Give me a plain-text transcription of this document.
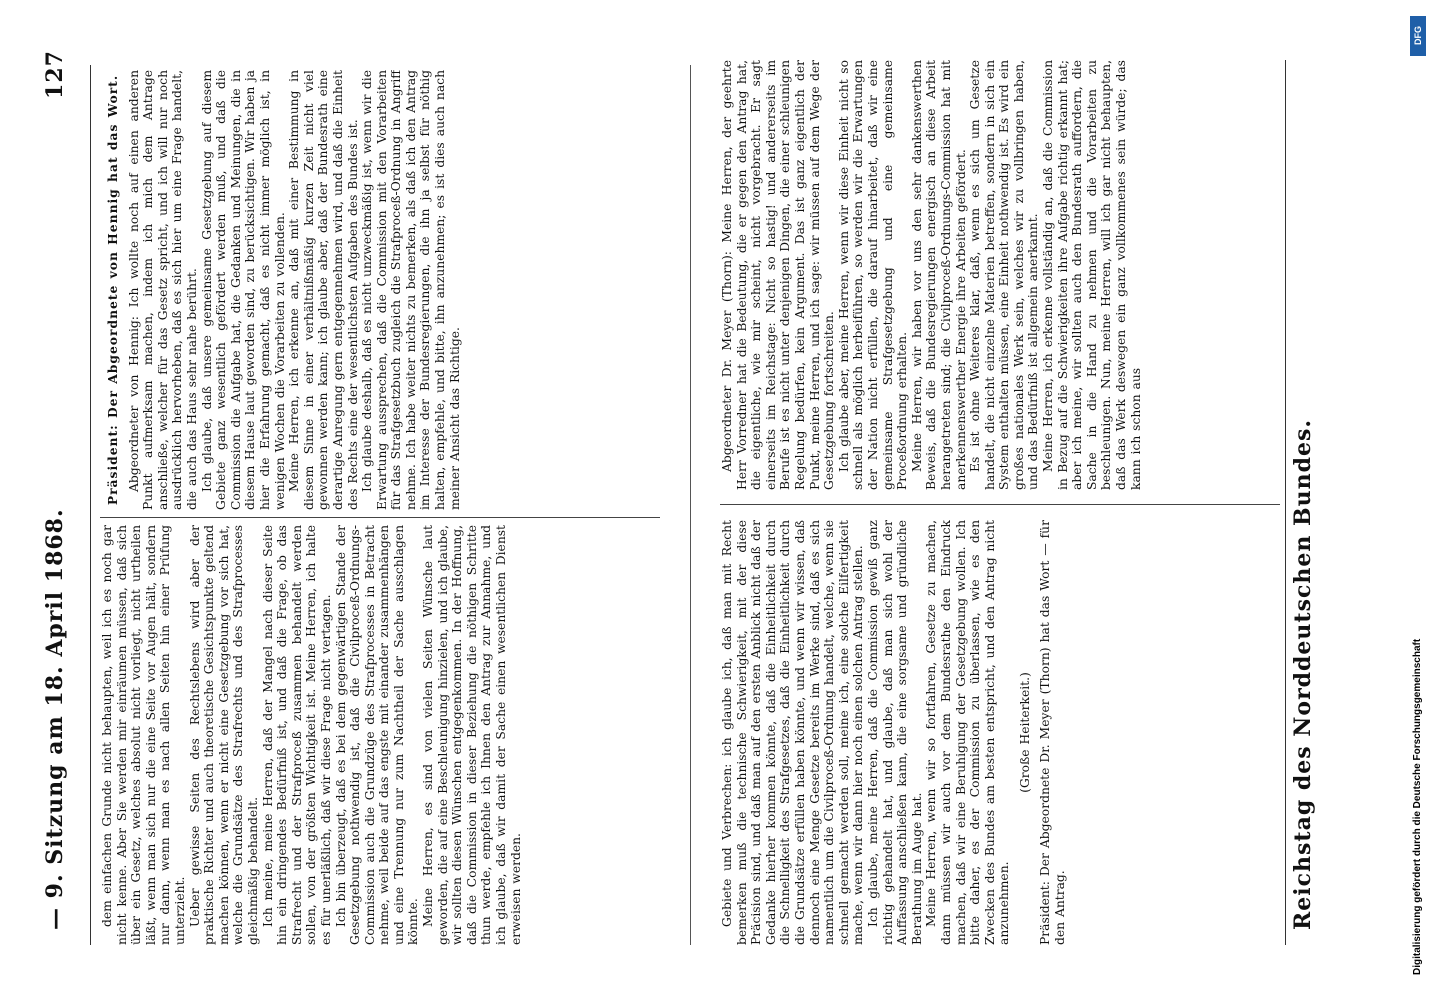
— 9. Sitzung am 18. April 1868.
127

dem einfachen Grunde nicht behaupten, weil ich es noch gar nicht kenne. Aber Sie werden mir einräumen müssen, daß sich über ein Gesetz, welches absolut nicht vorliegt, nicht urtheilen läßt, wenn man sich nur die eine Seite vor Augen hält, sondern nur dann, wenn man es nach allen Seiten hin einer Prüfung unterzieht. Ueber gewisse Seiten des Rechtslebens wird aber der praktische Richter und auch theoretische Gesichtspunkte geltend machen können, wenn er nicht eine Gesetzgebung vor sich hat, welche die Grundsätze des Strafrechts und des Strafprocesses gleichmäßig behandelt. Ich meine, meine Herren, daß der Mangel nach dieser Seite hin ein dringendes Bedürfniß ist, und daß die Frage, ob das Strafrecht und der Strafproceß zusammen behandelt werden sollen, von der größten Wichtigkeit ist. Meine Herren, ich halte es für unerläßlich, daß wir diese Frage nicht vertagen. Ich bin überzeugt, daß es bei dem gegenwärtigen Stande der Gesetzgebung nothwendig ist, daß die Civilproceß-Ordnungs-Commission auch die Grundzüge des Strafprocesses in Betracht nehme, weil beide auf das engste mit einander zusammenhängen und eine Trennung nur zum Nachtheil der Sache ausschlagen könnte. Meine Herren, es sind von vielen Seiten Wünsche laut geworden, die auf eine Beschleunigung hinzielen, und ich glaube, wir sollten diesen Wünschen entgegenkommen. In der Hoffnung, daß die Commission in dieser Beziehung die nöthigen Schritte thun werde, empfehle ich Ihnen den Antrag zur Annahme, und ich glaube, daß wir damit der Sache einen wesentlichen Dienst erweisen werden.

Präsident: Der Abgeordnete von Hennig hat das Wort. Abgeordneter von Hennig: Ich wollte noch auf einen anderen Punkt aufmerksam machen, indem ich mich dem Antrage anschließe, welcher für das Gesetz spricht, und ich will nur noch ausdrücklich hervorheben, daß es sich hier um eine Frage handelt, die auch das Haus sehr nahe berührt. Ich glaube, daß unsere gemeinsame Gesetzgebung auf diesem Gebiete ganz wesentlich gefördert werden muß, und daß die Commission die Aufgabe hat, die Gedanken und Meinungen, die in diesem Hause laut geworden sind, zu berücksichtigen. Wir haben ja hier die Erfahrung gemacht, daß es nicht immer möglich ist, in wenigen Wochen die Vorarbeiten zu vollenden. Meine Herren, ich erkenne an, daß mit einer Bestimmung in diesem Sinne in einer verhältnißmäßig kurzen Zeit nicht viel gewonnen werden kann; ich glaube aber, daß der Bundesrath eine derartige Anregung gern entgegennehmen wird, und daß die Einheit des Rechts eine der wesentlichsten Aufgaben des Bundes ist. Ich glaube deshalb, daß es nicht unzweckmäßig ist, wenn wir die Erwartung aussprechen, daß die Commission mit den Vorarbeiten für das Strafgesetzbuch zugleich die Strafproceß-Ordnung in Angriff nehme. Ich habe weiter nichts zu bemerken, als daß ich den Antrag im Interesse der Bundesregierungen, die ihn ja selbst für nöthig halten, empfehle, und bitte, ihn anzunehmen; es ist dies auch nach meiner Ansicht das Richtige.

Gebiete und Verbrechen: ich glaube ich, daß man mit Recht bemerken muß die technische Schwierigkeit, mit der diese Präcision sind, und daß man auf den ersten Anblick nicht daß der Gedanke hierher kommen könnte, daß die Einheitlichkeit durch die Schnelligkeit des Strafgesetzes, daß die Einheitlichkeit durch die Grundsätze erfüllen haben könnte, und wenn wir wissen, daß dennoch eine Menge Gesetze bereits im Werke sind, daß es sich namentlich um die Civilproceß-Ordnung handelt, welche, wenn sie schnell gemacht werden soll, meine ich, eine solche Eilfertigkeit mache, wenn wir dann hier noch einen solchen Antrag stellen. Ich glaube, meine Herren, daß die Commission gewiß ganz richtig gehandelt hat, und glaube, daß man sich wohl der Auffassung anschließen kann, die eine sorgsame und gründliche Berathung im Auge hat. Meine Herren, wenn wir so fortfahren, Gesetze zu machen, dann müssen wir auch vor dem Bundesrathe den Eindruck machen, daß wir eine Beruhigung der Gesetzgebung wollen. Ich bitte daher, es der Commission zu überlassen, wie es den Zwecken des Bundes am besten entspricht, und den Antrag nicht anzunehmen.

(Große Heiterkeit.) Präsident: Der Abgeordnete Dr. Meyer (Thorn) hat das Wort — für den Antrag.

Abgeordneter Dr. Meyer (Thorn): Meine Herren, der geehrte Herr Vorredner hat die Bedeutung, die er gegen den Antrag hat, die eigentliche, wie mir scheint, nicht vorgebracht. Er sagt einerseits im Reichstage: Nicht so hastig! und andererseits im Berufe ist es nicht unter denjenigen Dingen, die einer schleunigen Regelung bedürfen, kein Argument. Das ist ganz eigentlich der Punkt, meine Herren, und ich sage: wir müssen auf dem Wege der Gesetzgebung fortschreiten. Ich glaube aber, meine Herren, wenn wir diese Einheit nicht so schnell als möglich herbeiführen, so werden wir die Erwartungen der Nation nicht erfüllen, die darauf hinarbeitet, daß wir eine gemeinsame Strafgesetzgebung und eine gemeinsame Proceßordnung erhalten. Meine Herren, wir haben vor uns den sehr dankenswerthen Beweis, daß die Bundesregierungen energisch an diese Arbeit herangetreten sind; die Civilproceß-Ordnungs-Commission hat mit anerkennenswerther Energie ihre Arbeiten gefördert. Es ist ohne Weiteres klar, daß, wenn es sich um Gesetze handelt, die nicht einzelne Materien betreffen, sondern in sich ein System enthalten müssen, eine Einheit nothwendig ist. Es wird ein großes nationales Werk sein, welches wir zu vollbringen haben, und das Bedürfniß ist allgemein anerkannt. Meine Herren, ich erkenne vollständig an, daß die Commission in Bezug auf die Schwierigkeiten ihre Aufgabe richtig erkannt hat; aber ich meine, wir sollten auch den Bundesrath auffordern, die Sache in die Hand zu nehmen und die Vorarbeiten zu beschleunigen. Nun, meine Herren, will ich gar nicht behaupten, daß das Werk deswegen ein ganz vollkommenes sein würde; das kann ich schon aus	Reichstag des Norddeutschen Bundes.
DFG
Digitalisierung gefördert durch die Deutsche Forschungsgemeinschaft
